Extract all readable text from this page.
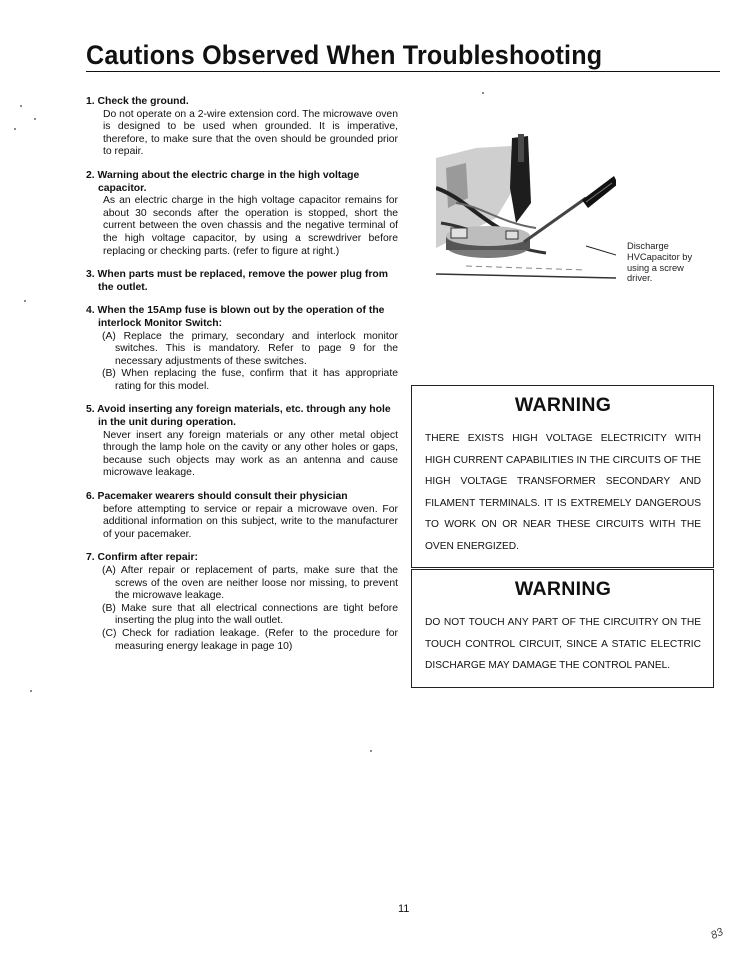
Cautions Observed When Troubleshooting
1. Check the ground.
Do not operate on a 2-wire extension cord. The microwave oven is designed to be used when grounded. It is imperative, therefore, to make sure that the oven should be grounded prior to repair.
2. Warning about the electric charge in the high voltage capacitor.
As an electric charge in the high voltage capacitor remains for about 30 seconds after the operation is stopped, short the current between the oven chassis and the negative terminal of the high voltage capacitor, by using a screwdriver before replacing or checking parts. (refer to figure at right.)
3. When parts must be replaced, remove the power plug from the outlet.
4. When the 15Amp fuse is blown out by the operation of the interlock Monitor Switch:
(A) Replace the primary, secondary and interlock monitor switches. This is mandatory. Refer to page 9 for the necessary adjustments of these switches.
(B) When replacing the fuse, confirm that it has appropriate rating for this model.
5. Avoid inserting any foreign materials, etc. through any hole in the unit during operation.
Never insert any foreign materials or any other metal object through the lamp hole on the cavity or any other holes or gaps, because such objects may work as an antenna and cause microwave leakage.
6. Pacemaker wearers should consult their physician
before attempting to service or repair a microwave oven. For additional information on this subject, write to the manufacturer of your pacemaker.
7. Confirm after repair:
(A) After repair or replacement of parts, make sure that the screws of the oven are neither loose nor missing, to prevent the microwave leakage.
(B) Make sure that all electrical connections are tight before inserting the plug into the wall outlet.
(C) Check for radiation leakage. (Refer to the procedure for measuring energy leakage in page 10)
Discharge HVCapacitor by using a screw driver.
WARNING
THERE EXISTS HIGH VOLTAGE ELECTRICITY WITH HIGH CURRENT CAPABILITIES IN THE CIRCUITS OF THE HIGH VOLTAGE TRANSFORMER SECONDARY AND FILAMENT TERMINALS. IT IS EXTREMELY DANGEROUS TO WORK ON OR NEAR THESE CIRCUITS WITH THE OVEN ENERGIZED.
WARNING
DO NOT TOUCH ANY PART OF THE CIRCUITRY ON THE TOUCH CONTROL CIRCUIT, SINCE A STATIC ELECTRIC DISCHARGE MAY DAMAGE THE CONTROL PANEL.
11
83
